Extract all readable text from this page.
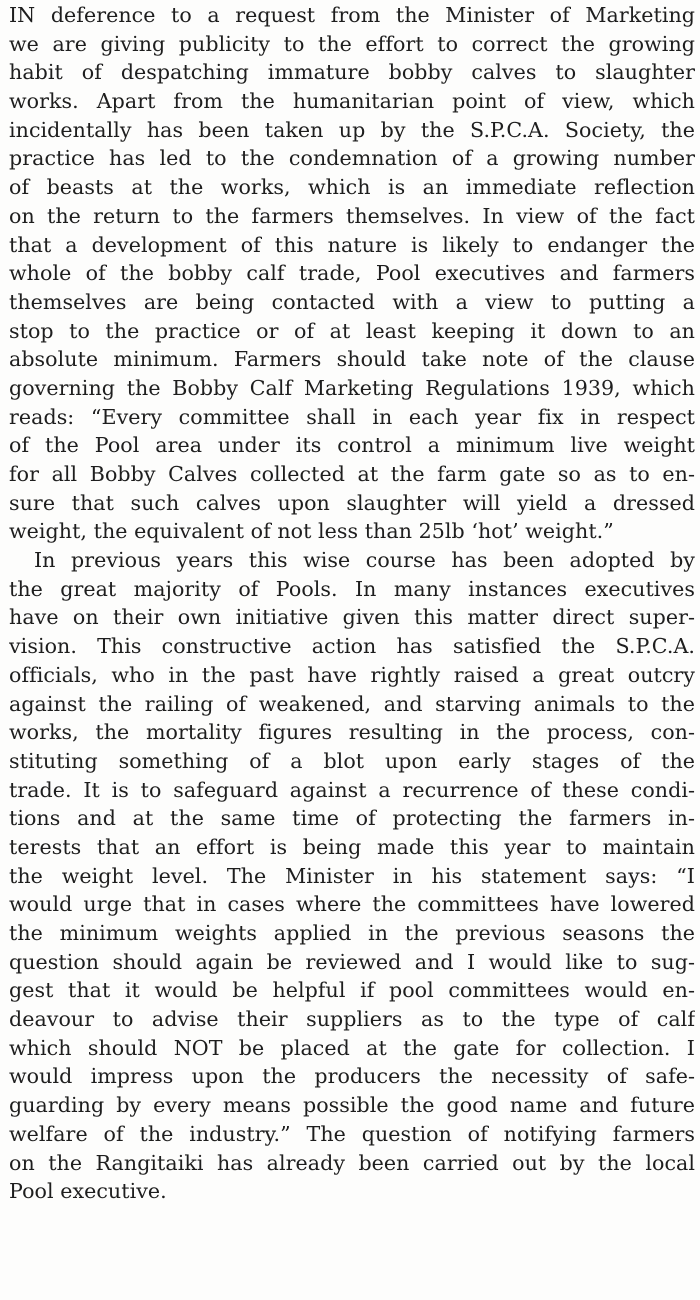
IN deference to a request from the Minister of Marketing
we are giving publicity to the effort to correct the growing
habit of despatching immature bobby calves to slaughter
works. Apart from the humanitarian point of view, which
incidentally has been taken up by the S.P.C.A. Society, the
practice has led to the condemnation of a growing number
of beasts at the works, which is an immediate reflection
on the return to the farmers themselves. In view of the fact
that a development of this nature is likely to endanger the
whole of the bobby calf trade, Pool executives and farmers
themselves are being contacted with a view to putting a
stop to the practice or of at least keeping it down to an
absolute minimum. Farmers should take note of the clause
governing the Bobby Calf Marketing Regulations 1939, which
reads: “Every committee shall in each year fix in respect
of the Pool area under its control a minimum live weight
for all Bobby Calves collected at the farm gate so as to en-
sure that such calves upon slaughter will yield a dressed
weight, the equivalent of not less than 25lb ‘hot’ weight.”
In previous years this wise course has been adopted by
the great majority of Pools. In many instances executives
have on their own initiative given this matter direct super-
vision. This constructive action has satisfied the S.P.C.A.
officials, who in the past have rightly raised a great outcry
against the railing of weakened, and starving animals to the
works, the mortality figures resulting in the process, con-
stituting something of a blot upon early stages of the
trade. It is to safeguard against a recurrence of these condi-
tions and at the same time of protecting the farmers in-
terests that an effort is being made this year to maintain
the weight level. The Minister in his statement says: “I
would urge that in cases where the committees have lowered
the minimum weights applied in the previous seasons the
question should again be reviewed and I would like to sug-
gest that it would be helpful if pool committees would en-
deavour to advise their suppliers as to the type of calf
which should NOT be placed at the gate for collection. I
would impress upon the producers the necessity of safe-
guarding by every means possible the good name and future
welfare of the industry.” The question of notifying farmers
on the Rangitaiki has already been carried out by the local
Pool executive.
